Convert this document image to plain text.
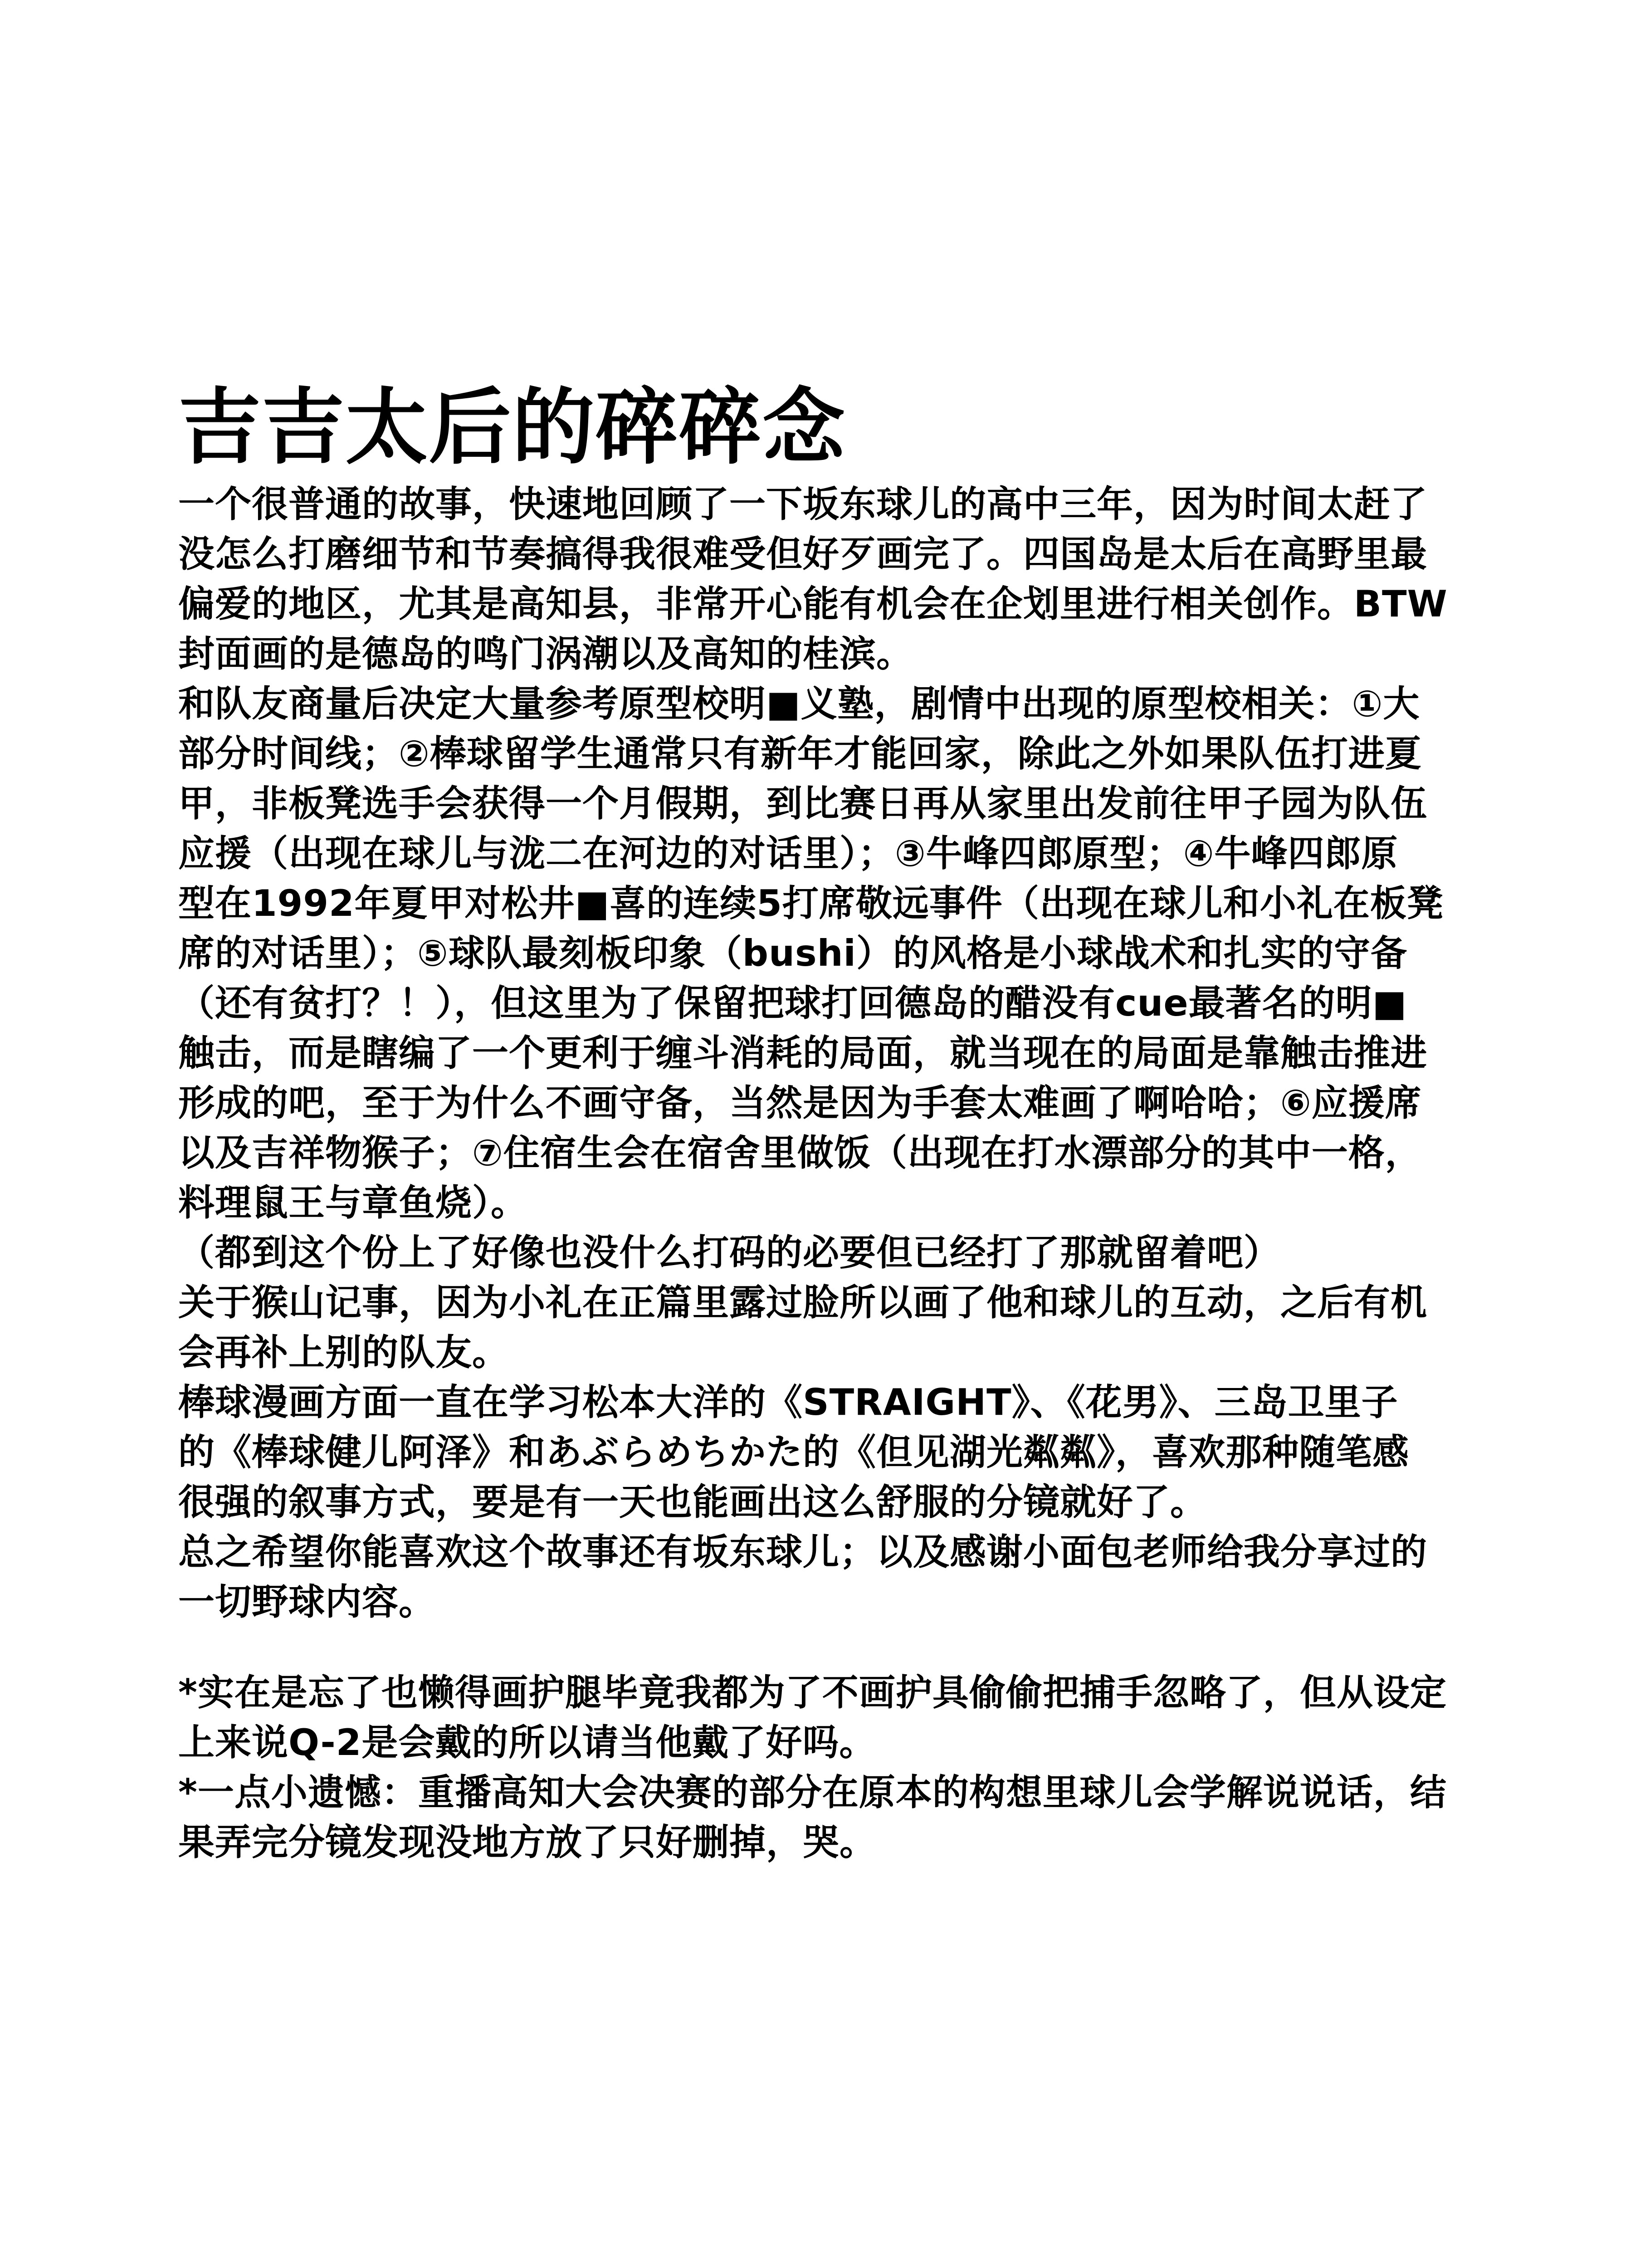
吉吉太后的碎碎念
一个很普通的故事，快速地回顾了一下坂东球儿的高中三年，因为时间太赶了
没怎么打磨细节和节奏搞得我很难受但好歹画完了。四国岛是太后在高野里最
偏爱的地区，尤其是高知县，非常开心能有机会在企划里进行相关创作。BTW
封面画的是德岛的鸣门涡潮以及高知的桂滨。
和队友商量后决定大量参考原型校明■义塾，剧情中出现的原型校相关：①大
部分时间线；②棒球留学生通常只有新年才能回家，除此之外如果队伍打进夏
甲，非板凳选手会获得一个月假期，到比赛日再从家里出发前往甲子园为队伍
应援（出现在球儿与泷二在河边的对话里）；③牛峰四郎原型；④牛峰四郎原
型在1992年夏甲对松井■喜的连续5打席敬远事件（出现在球儿和小礼在板凳
席的对话里）；⑤球队最刻板印象（bushi）的风格是小球战术和扎实的守备
（还有贫打？！），但这里为了保留把球打回德岛的醋没有cue最著名的明■
触击，而是瞎编了一个更利于缠斗消耗的局面，就当现在的局面是靠触击推进
形成的吧，至于为什么不画守备，当然是因为手套太难画了啊哈哈；⑥应援席
以及吉祥物猴子；⑦住宿生会在宿舍里做饭（出现在打水漂部分的其中一格，
料理鼠王与章鱼烧）。
（都到这个份上了好像也没什么打码的必要但已经打了那就留着吧）
关于猴山记事，因为小礼在正篇里露过脸所以画了他和球儿的互动，之后有机
会再补上别的队友。
棒球漫画方面一直在学习松本大洋的《STRAIGHT》、《花男》、三岛卫里子
的《棒球健儿阿泽》和あぶらめちかた的《但见湖光粼粼》，喜欢那种随笔感
很强的叙事方式，要是有一天也能画出这么舒服的分镜就好了。
总之希望你能喜欢这个故事还有坂东球儿；以及感谢小面包老师给我分享过的
一切野球内容。
*实在是忘了也懒得画护腿毕竟我都为了不画护具偷偷把捕手忽略了，但从设定
上来说Q-2是会戴的所以请当他戴了好吗。
*一点小遗憾：重播高知大会决赛的部分在原本的构想里球儿会学解说说话，结
果弄完分镜发现没地方放了只好删掉，哭。
